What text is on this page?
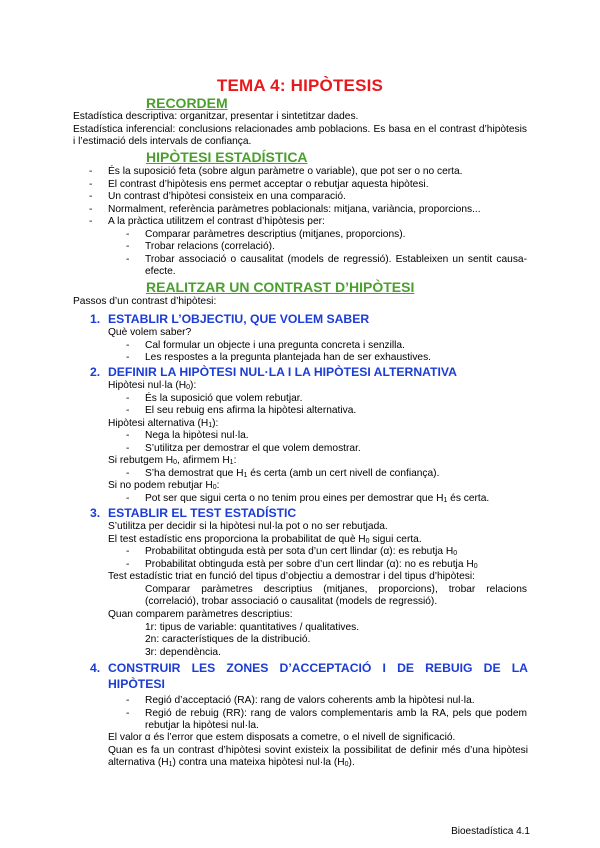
TEMA 4: HIPÒTESIS
RECORDEM
Estadística descriptiva: organitzar, presentar i sintetitzar dades.
Estadística inferencial: conclusions relacionades amb poblacions. Es basa en el contrast d’hipòtesis i l’estimació dels intervals de confiança.
HIPÒTESI ESTADÍSTICA
- És la suposició feta (sobre algun paràmetre o variable), que pot ser o no certa.
- El contrast d’hipòtesis ens permet acceptar o rebutjar aquesta hipòtesi.
- Un contrast d’hipòtesi consisteix en una comparació.
- Normalment, referència paràmetres poblacionals: mitjana, variància, proporcions...
- A la pràctica utilitzem el contrast d’hipòtesis per:
- Comparar paràmetres descriptius (mitjanes, proporcions).
- Trobar relacions (correlació).
- Trobar associació o causalitat (models de regressió). Estableixen un sentit causa-efecte.
REALITZAR UN CONTRAST D’HIPÒTESI
Passos d’un contrast d’hipòtesi:
1. ESTABLIR L’OBJECTIU, QUE VOLEM SABER
Què volem saber?
- Cal formular un objecte i una pregunta concreta i senzilla.
- Les respostes a la pregunta plantejada han de ser exhaustives.
2. DEFINIR LA HIPÒTESI NUL·LA I LA HIPÒTESI ALTERNATIVA
Hipòtesi nul·la $(H_0)$:
- És la suposició que volem rebutjar.
- El seu rebuig ens afirma la hipòtesi alternativa.
Hipòtesi alternativa $(H_1)$:
- Nega la hipòtesi nul·la.
- S’utilitza per demostrar el que volem demostrar.
Si rebutgem $H_0$, afirmem $H_1$:
- S’ha demostrat que $H_1$ és certa (amb un cert nivell de confiança).
Si no podem rebutjar $H_0$:
- Pot ser que sigui certa o no tenim prou eines per demostrar que $H_1$ és certa.
3. ESTABLIR EL TEST ESTADÍSTIC
S’utilitza per decidir si la hipòtesi nul·la pot o no ser rebutjada.
El test estadístic ens proporciona la probabilitat de què $H_0$ sigui certa.
- Probabilitat obtinguda està per sota d’un cert llindar (α): es rebutja $H_0$
- Probabilitat obtinguda està per sobre d’un cert llindar (α): no es rebutja $H_0$
Test estadístic triat en funció del tipus d’objectiu a demostrar i del tipus d’hipòtesi:
Comparar paràmetres descriptius (mitjanes, proporcions), trobar relacions (correlació), trobar associació o causalitat (models de regressió).
Quan comparem paràmetres descriptius:
1r: tipus de variable: quantitatives / qualitatives.
2n: característiques de la distribució.
3r: dependència.
4. CONSTRUIR LES ZONES D’ACCEPTACIÓ I DE REBUIG DE LA
HIPÒTESI
- Regió d’acceptació (RA): rang de valors coherents amb la hipòtesi nul·la.
- Regió de rebuig (RR): rang de valors complementaris amb la RA, pels que podem rebutjar la hipòtesi nul·la.
El valor α és l’error que estem disposats a cometre, o el nivell de significació.
Quan es fa un contrast d’hipòtesi sovint existeix la possibilitat de definir més d’una hipòtesi alternativa $(H_1)$ contra una mateixa hipòtesi nul·la $(H_0)$.
Bioestadística 4.1
